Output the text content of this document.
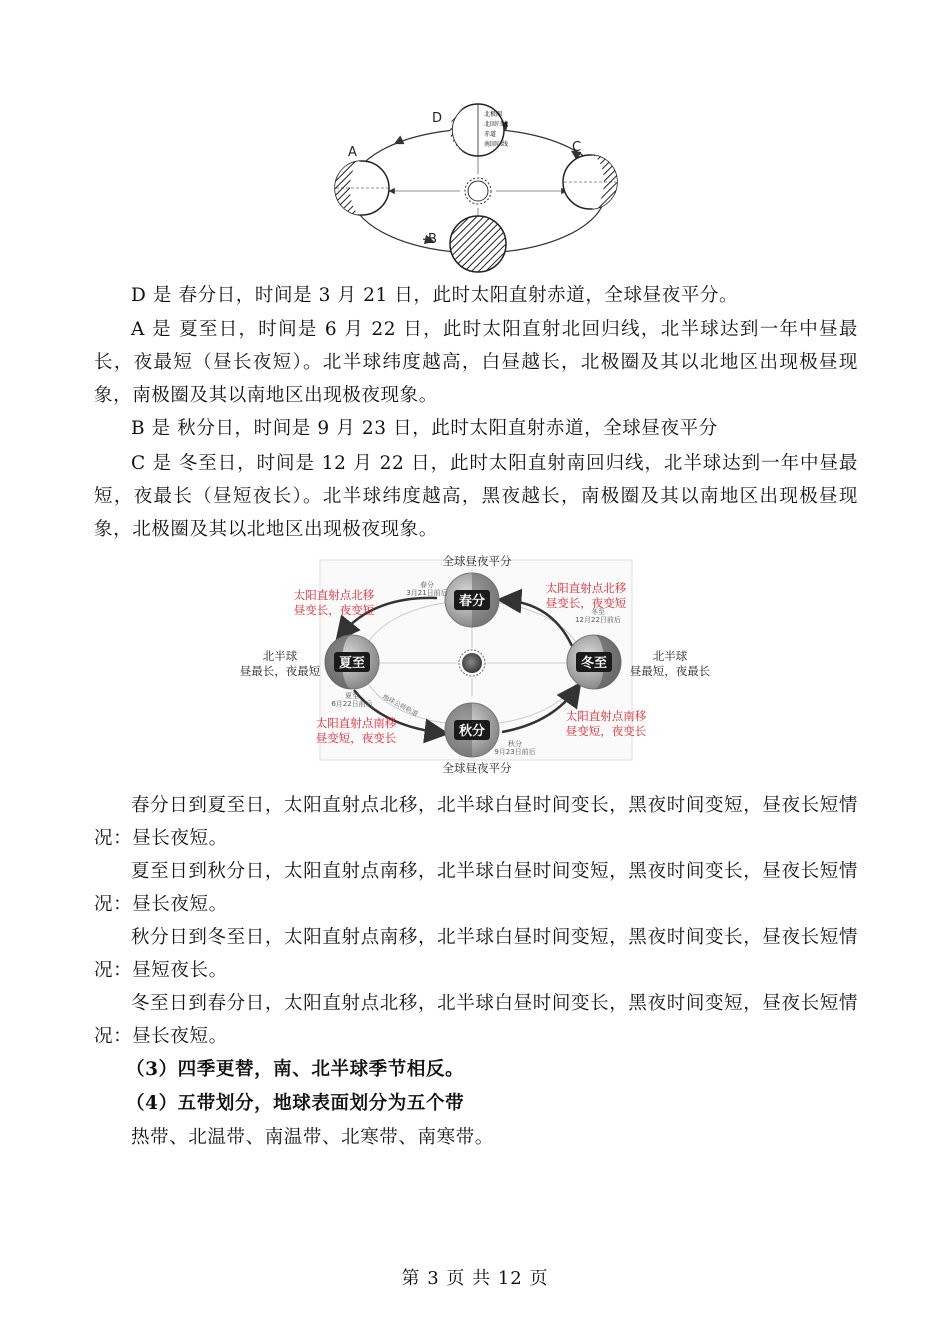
北极圈
北回归线
赤道
南回归线
D
A	C
B

D 是 春分日，时间是 3 月 21 日，此时太阳直射赤道，全球昼夜平分。

A 是 夏至日，时间是 6 月 22 日，此时太阳直射北回归线，北半球达到一年中昼最长，夜最短（昼长夜短）。北半球纬度越高，白昼越长，北极圈及其以北地区出现极昼现象，南极圈及其以南地区出现极夜现象。

B 是 秋分日，时间是 9 月 23 日，此时太阳直射赤道，全球昼夜平分

C 是 冬至日，时间是 12 月 22 日，此时太阳直射南回归线，北半球达到一年中昼最短，夜最长（昼短夜长）。北半球纬度越高，黑夜越长，南极圈及其以南地区出现极昼现象，北极圈及其以北地区出现极夜现象。

地球公转轨道
春分
春分
3月21日前后
夏至
夏至
6月22日前后
冬至
冬至
12月22日前后
秋分
秋分
9月23日前后
全球昼夜平分
全球昼夜平分
太阳直射点北移
昼变长，夜变短
太阳直射点北移
昼变长，夜变短
太阳直射点南移
昼变短，夜变长
太阳直射点南移
昼变短，夜变长
北半球
昼最长，夜最短
北半球
昼最短，夜最长

春分日到夏至日，太阳直射点北移，北半球白昼时间变长，黑夜时间变短，昼夜长短情况：昼长夜短。

夏至日到秋分日，太阳直射点南移，北半球白昼时间变短，黑夜时间变长，昼夜长短情况：昼长夜短。

秋分日到冬至日，太阳直射点南移，北半球白昼时间变短，黑夜时间变长，昼夜长短情况：昼短夜长。

冬至日到春分日，太阳直射点北移，北半球白昼时间变长，黑夜时间变短，昼夜长短情况：昼长夜短。

（3）四季更替，南、北半球季节相反。

（4）五带划分，地球表面划分为五个带

热带、北温带、南温带、北寒带、南寒带。

第 3 页 共 12 页
